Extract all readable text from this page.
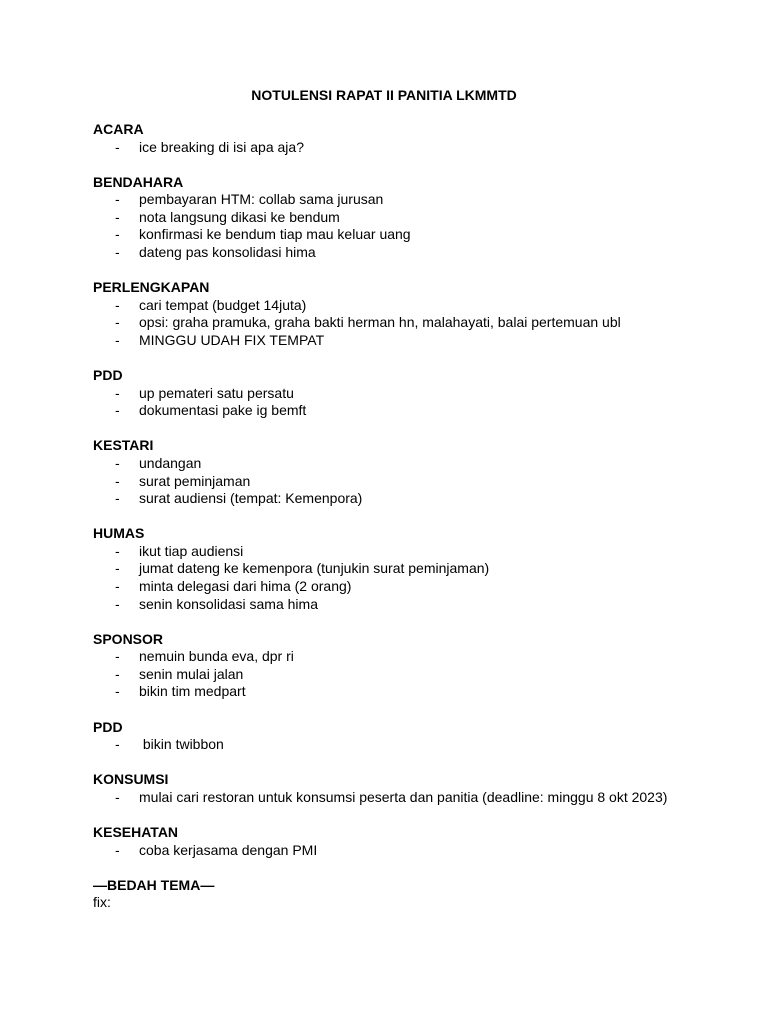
NOTULENSI RAPAT II PANITIA LKMMTD
ACARA
- ice breaking di isi apa aja?
BENDAHARA
- pembayaran HTM: collab sama jurusan
- nota langsung dikasi ke bendum
- konfirmasi ke bendum tiap mau keluar uang
- dateng pas konsolidasi hima
PERLENGKAPAN
- cari tempat (budget 14juta)
- opsi: graha pramuka, graha bakti herman hn, malahayati, balai pertemuan ubl
- MINGGU UDAH FIX TEMPAT
PDD
- up pemateri satu persatu
- dokumentasi pake ig bemft
KESTARI
- undangan
- surat peminjaman
- surat audiensi (tempat: Kemenpora)
HUMAS
- ikut tiap audiensi
- jumat dateng ke kemenpora (tunjukin surat peminjaman)
- minta delegasi dari hima (2 orang)
- senin konsolidasi sama hima
SPONSOR
- nemuin bunda eva, dpr ri
- senin mulai jalan
- bikin tim medpart
PDD
- bikin twibbon
KONSUMSI
- mulai cari restoran untuk konsumsi peserta dan panitia (deadline: minggu 8 okt 2023)
KESEHATAN
- coba kerjasama dengan PMI
—BEDAH TEMA—
fix:
